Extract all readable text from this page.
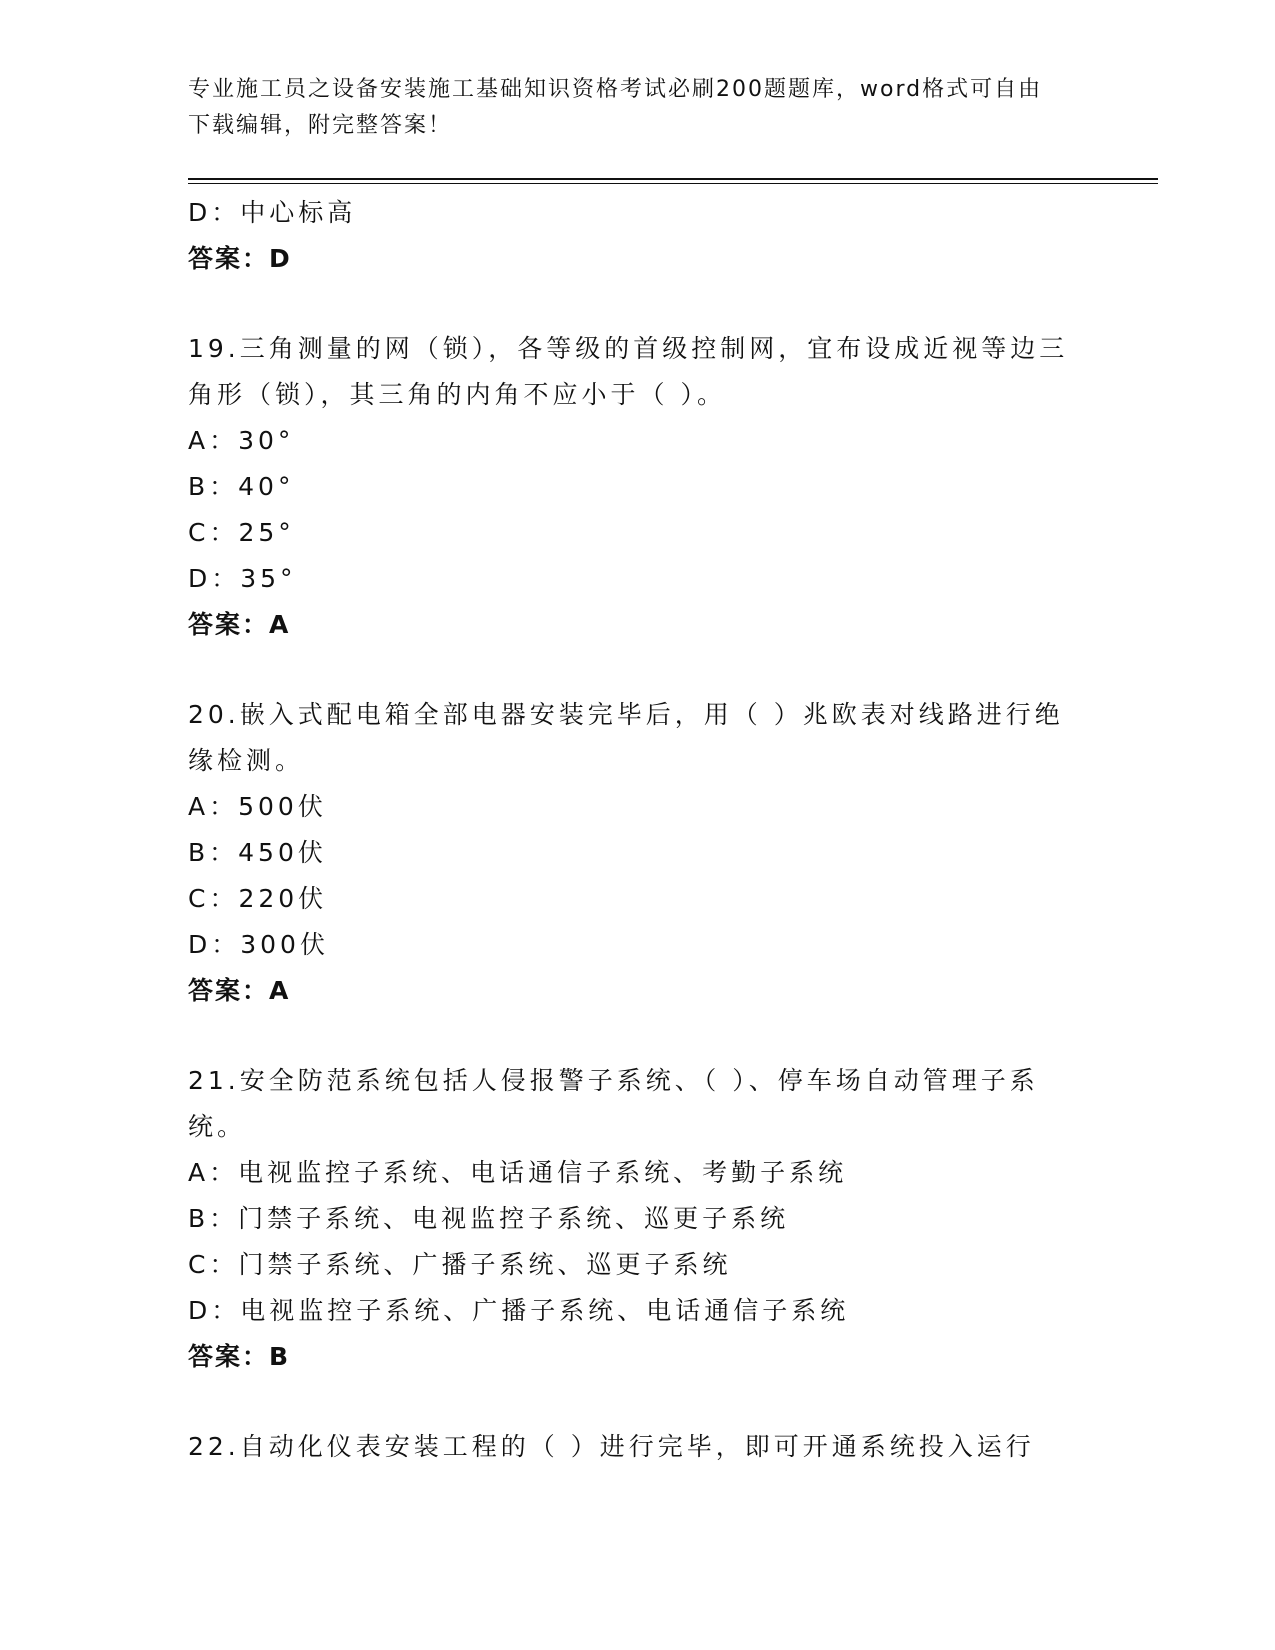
专业施工员之设备安装施工基础知识资格考试必刷200题题库，word格式可自由
下载编辑，附完整答案！
D：中心标高
答案：D
19.三角测量的网（锁），各等级的首级控制网，宜布设成近视等边三
角形（锁），其三角的内角不应小于（ ）。
A：30°
B：40°
C：25°
D：35°
答案：A
20.嵌入式配电箱全部电器安装完毕后，用（ ）兆欧表对线路进行绝
缘检测。
A：500伏
B：450伏
C：220伏
D：300伏
答案：A
21.安全防范系统包括人侵报警子系统、（ ）、停车场自动管理子系
统。
A：电视监控子系统、电话通信子系统、考勤子系统
B：门禁子系统、电视监控子系统、巡更子系统
C：门禁子系统、广播子系统、巡更子系统
D：电视监控子系统、广播子系统、电话通信子系统
答案：B
22.自动化仪表安装工程的（ ）进行完毕，即可开通系统投入运行
